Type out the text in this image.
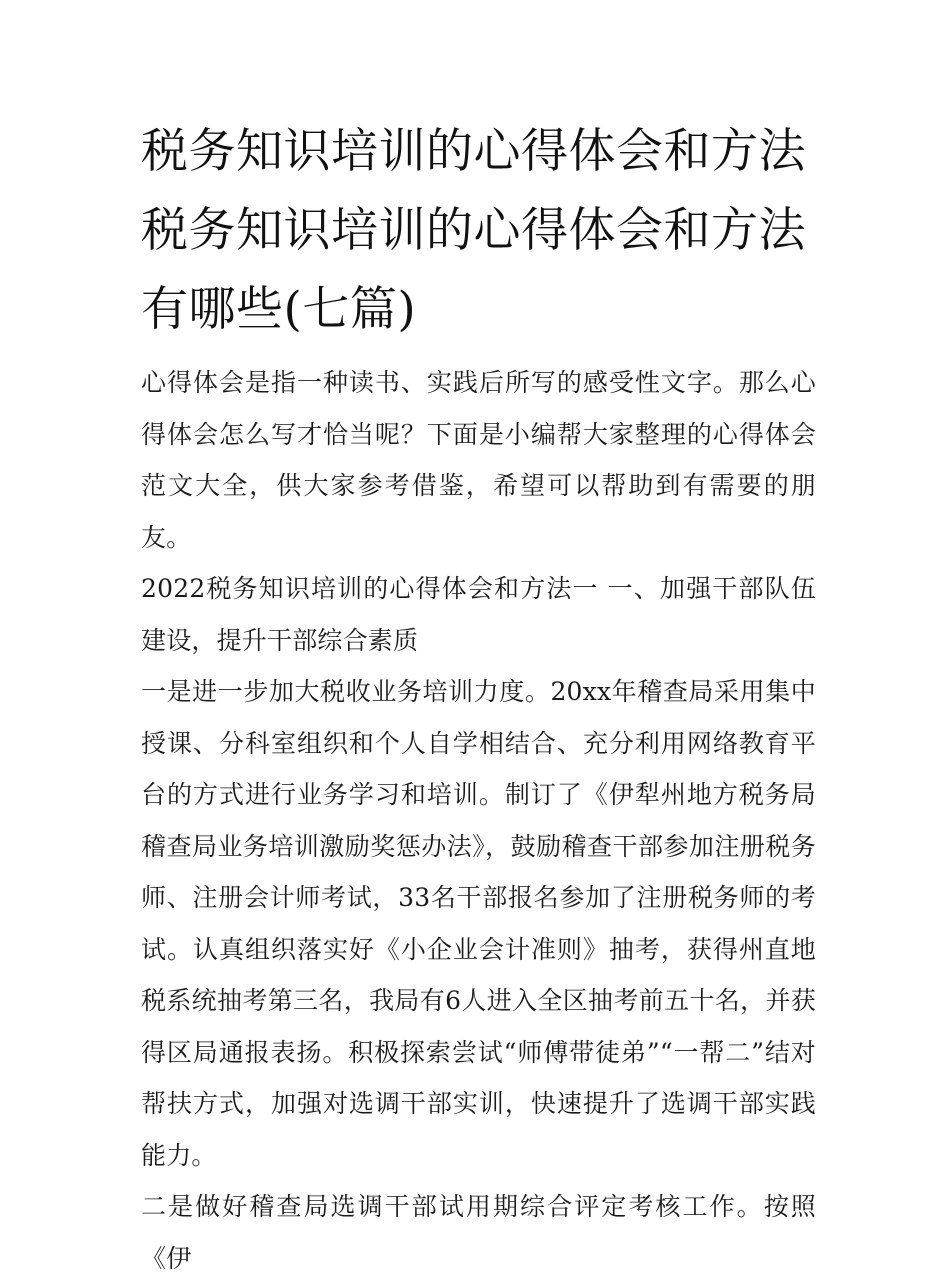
税务知识培训的心得体会和方法 税务知识培训的心得体会和方法有哪些(七篇)

心得体会是指一种读书、实践后所写的感受性文字。那么心得体会怎么写才恰当呢？下面是小编帮大家整理的心得体会范文大全，供大家参考借鉴，希望可以帮助到有需要的朋友。

2022税务知识培训的心得体会和方法一 一、加强干部队伍建设，提升干部综合素质

一是进一步加大税收业务培训力度。20xx年稽查局采用集中授课、分科室组织和个人自学相结合、充分利用网络教育平台的方式进行业务学习和培训。制订了《伊犁州地方税务局稽查局业务培训激励奖惩办法》，鼓励稽查干部参加注册税务师、注册会计师考试，33名干部报名参加了注册税务师的考试。认真组织落实好《小企业会计准则》抽考，获得州直地税系统抽考第三名，我局有6人进入全区抽考前五十名，并获得区局通报表扬。积极探索尝试“师傅带徒弟”“一帮二”结对帮扶方式，加强对选调干部实训，快速提升了选调干部实践能力。

二是做好稽查局选调干部试用期综合评定考核工作。按照《伊
